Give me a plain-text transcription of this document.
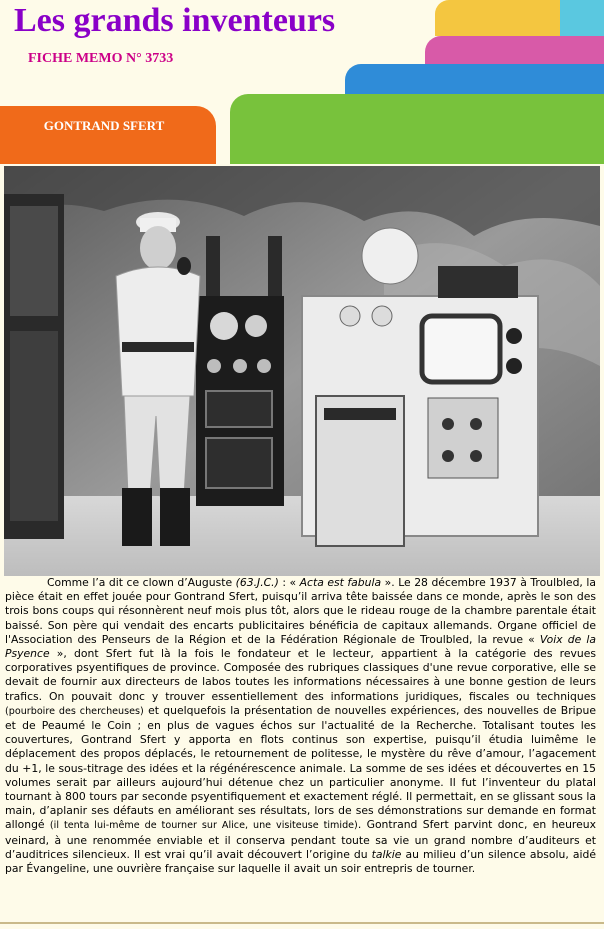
Les grands inventeurs
FICHE MEMO N° 3733
GONTRAND SFERT
Comme l’a dit ce clown d’Auguste (63.J.C.) : « Acta est fabula ». Le 28 décembre 1937 à Troulbled, la pièce était en effet jouée pour Gontrand Sfert, puisqu’il arriva tête baissée dans ce monde, après le son des trois bons coups qui résonnèrent neuf mois plus tôt, alors que le rideau rouge de la chambre parentale était baissé. Son père qui vendait des encarts publicitaires bénéficia de capitaux allemands. Organe officiel de l'Association des Penseurs de la Région et de la Fédération Régionale de Troulbled, la revue « Voix de la Psyence », dont Sfert fut là la fois le fondateur et le lecteur, appartient à la catégorie des revues corporatives psyentifiques de province. Composée des rubriques classiques d'une revue corporative, elle se devait de fournir aux directeurs de labos toutes les informations nécessaires à une bonne gestion de leurs trafics. On pouvait donc y trouver essentiellement des informations juridiques, fiscales ou techniques (pourboire des chercheuses) et quelquefois la présentation de nouvelles expériences, des nouvelles de Bripue et de Peaumé le Coin ; en plus de vagues échos sur l'actualité de la Recherche. Totalisant toutes les couvertures, Gontrand Sfert y apporta en flots continus son expertise, puisqu’il étudia luimême le déplacement des propos déplacés, le retournement de politesse, le mystère du rêve d’amour, l’agacement du +1, le sous-titrage des idées et la régénérescence animale. La somme de ses idées et découvertes en 15 volumes serait par ailleurs aujourd’hui détenue chez un particulier anonyme. Il fut l’inventeur du platal tournant à 800 tours par seconde psyentifiquement et exactement réglé. Il permettait, en se glissant sous la main, d’aplanir ses défauts en améliorant ses résultats, lors de ses démonstrations sur demande en format allongé (il tenta lui-même de tourner sur Alice, une visiteuse timide). Gontrand Sfert parvint donc, en heureux veinard, à une renommée enviable et il conserva pendant toute sa vie un grand nombre d’auditeurs et d’auditrices silencieux. Il est vrai qu’il avait découvert l’origine du talkie au milieu d’un silence absolu, aidé par Évangeline, une ouvrière française sur laquelle il avait un soir entrepris de tourner.
